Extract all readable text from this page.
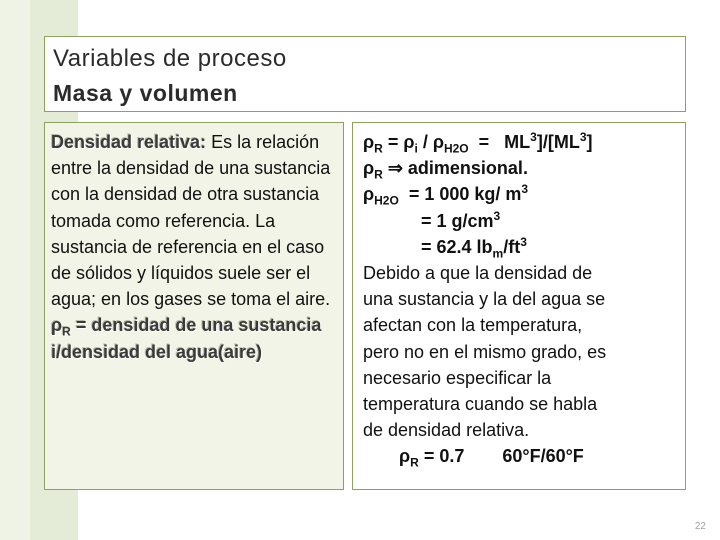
Variables de proceso
Masa y volumen
Densidad relativa: Es la relación entre la densidad de una sustancia con la densidad de otra sustancia tomada como referencia. La sustancia de referencia en el caso de sólidos y líquidos suele ser el agua; en los gases se toma el aire.
$\rho_R$ = densidad de una sustancia i/densidad del agua(aire)
$\rho_R = \rho_i / \rho_{H2O} = ML^3]/[ML^3]$
$\rho_R$ ⇒ adimensional.
$\rho_{H2O} = 1$ 000 kg/ $m^3$
= 1 $g/cm^3$
= 62.4 $lb_m/ft^3$
Debido a que la densidad de
una sustancia y la del agua se
afectan con la temperatura,
pero no en el mismo grado, es
necesario especificar la
temperatura cuando se habla
de densidad relativa.
$\rho_R = 0.7$ 60°F/60°F
22
